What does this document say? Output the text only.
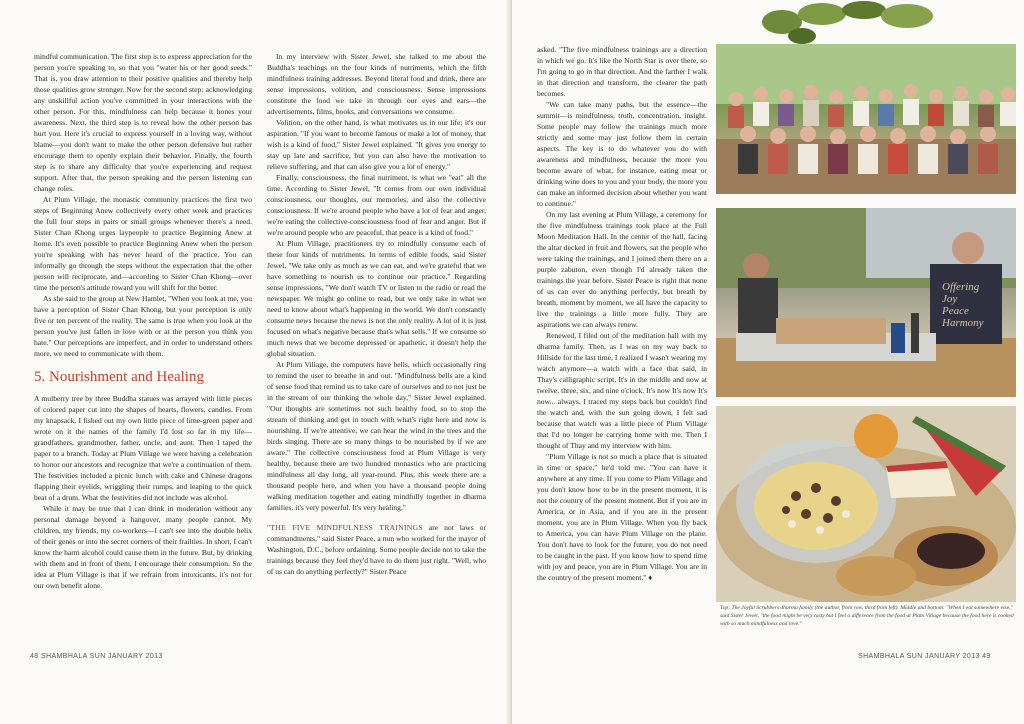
mindful communication. The first step is to express appreciation for the person you're speaking to, so that you "water his or her good seeds." That is, you draw attention to their positive qualities and thereby help those qualities grow stronger. Now for the second step: acknowledging any unskillful action you've committed in your interactions with the other person. For this, mindfulness can help because it hones your awareness. Next, the third step is to reveal how the other person has hurt you. Here it's crucial to express yourself in a loving way, without blame—you don't want to make the other person defensive but rather encourage them to openly explain their behavior. Finally, the fourth step is to share any difficulty that you're experiencing and request support. After that, the person speaking and the person listening can change roles.

At Plum Village, the monastic community practices the first two steps of Beginning Anew collectively every other week and practices the full four steps in pairs or small groups whenever there's a need. Sister Chan Khong urges laypeople to practice Beginning Anew at home. It's even possible to practice Beginning Anew when the person you're speaking with has never heard of the practice. You can informally go through the steps without the expectation that the other person will reciprocate, and—according to Sister Chan Khong—over time the person's attitude toward you will shift for the better.

As she said to the group at New Hamlet, "When you look at me, you have a perception of Sister Chan Khong, but your perception is only five or ten percent of the reality. The same is true when you look at the person you've just fallen in love with or at the person you think you hate." Our perceptions are imperfect, and in order to understand others more, we need to communicate with them.

5. Nourishment and Healing

A mulberry tree by three Buddha statues was arrayed with little pieces of colored paper cut into the shapes of hearts, flowers, candles. From my knapsack, I fished out my own little piece of lime-green paper and wrote on it the names of the family I'd lost so far in my life—grandfathers, grandmother, father, uncle, and aunt. Then I taped the paper to a branch. Today at Plum Village we were having a celebration to honor our ancestors and recognize that we're a continuation of them. The festivities included a picnic lunch with cake and Chinese dragons flapping their eyelids, wriggling their rumps, and leaping to the quick beat of a drum. What the festivities did not include was alcohol.

While it may be true that I can drink in moderation without any personal damage beyond a hangover, many people cannot. My children, my friends, my co-workers—I can't see into the double helix of their genes or into the secret corners of their frailties. In short, I can't know the harm alcohol could cause them in the future. But, by drinking with them and in front of them, I encourage their consumption. So the idea at Plum Village is that if we refrain from intoxicants, it's not for our own benefit alone.

In my interview with Sister Jewel, she talked to me about the Buddha's teachings on the four kinds of nutriments, which the fifth mindfulness training addresses. Beyond literal food and drink, there are sense impressions, volition, and consciousness. Sense impressions constitute the food we take in through our eyes and ears—the advertisements, films, books, and conversations we consume.

Volition, on the other hand, is what motivates us in our life; it's our aspiration. "If you want to become famous or make a lot of money, that wish is a kind of food," Sister Jewel explained. "It gives you energy to stay up late and sacrifice, but you can also have the motivation to relieve suffering, and that can also give you a lot of energy."

Finally, consciousness, the final nutriment, is what we "eat" all the time. According to Sister Jewel, "It comes from our own individual consciousness, our thoughts, our memories, and also the collective consciousness. If we're around people who have a lot of fear and anger, we're eating the collective-consciousness food of fear and anger. But if we're around people who are peaceful, that peace is a kind of food."

At Plum Village, practitioners try to mindfully consume each of these four kinds of nutriments. In terms of edible foods, said Sister Jewel, "We take only as much as we can eat, and we're grateful that we have something to nourish us to continue our practice." Regarding sense impressions, "We don't watch TV or listen to the radio or read the newspaper. We might go online to read, but we only take in what we need to know about what's happening in the world. We don't constantly consume news because the news is not the only reality. A lot of it is just focused on what's negative because that's what sells." If we consume so much news that we become depressed or apathetic, it doesn't help the global situation.

At Plum Village, the computers have bells, which occasionally ring to remind the user to breathe in and out. "Mindfulness bells are a kind of sense food that remind us to take care of ourselves and to not just be in the stream of our thinking the whole day," Sister Jewel explained. "Our thoughts are sometimes not such healthy food, so to stop the stream of thinking and get in touch with what's right here and now is nourishing. If we're attentive, we can hear the wind in the trees and the birds singing. There are so many things to be nourished by if we are aware." The collective consciousness food at Plum Village is very healthy, because there are two hundred monastics who are practicing mindfulness all day long, all year-round. Plus, this week there are a thousand people here, and when you have a thousand people doing walking meditation together and eating mindfully together in dharma families, it's very powerful. It's very healing."

"THE FIVE MINDFULNESS TRAININGS are not laws or commandments," said Sister Peace, a nun who worked for the mayor of Washington, D.C., before ordaining. Some people decide not to take the trainings because they feel they'd have to do them just right. "Well, who of us can do anything perfectly?" Sister Peace

48 SHAMBHALA SUN JANUARY 2013	SHAMBHALA SUN JANUARY 2013 49

asked. "The five mindfulness trainings are a direction in which we go. It's like the North Star is over there, so I'm going to go in that direction. And the farther I walk in that direction and transform, the clearer the path becomes.

"We can take many paths, but the essence—the summit—is mindfulness, truth, concentration, insight. Some people may follow the trainings much more strictly and some may just follow them in certain aspects. The key is to do whatever you do with awareness and mindfulness, because the more you become aware of what, for instance, eating meat or drinking wine does to you and your body, the more you can make an informed decision about whether you want to continue."

On my last evening at Plum Village, a ceremony for the five mindfulness trainings took place at the Full Moon Meditation Hall. In the center of the hall, facing the altar decked in fruit and flowers, sat the people who were taking the trainings, and I joined them there on a purple zabuton, even though I'd already taken the trainings the year before. Sister Peace is right that none of us can ever do anything perfectly, but breath by breath, moment by moment, we all have the capacity to live the trainings a little more fully. They are aspirations we can always renew.

Renewed, I filed out of the meditation hall with my dharma family. Then, as I was on my way back to Hillside for the last time, I realized I wasn't wearing my watch anymore—a watch with a face that said, in Thay's calligraphic script, It's in the middle and now at twelve, three, six, and nine o'clock. It's now It's now It's now... always. I traced my steps back but couldn't find the watch and, with the sun going down, I felt sad because that watch was a little piece of Plum Village that I'd no longer be carrying home with me. Then I thought of Thay and my interview with him.

"Plum Village is not so much a place that is situated in time or space," he'd told me. "You can have it anywhere at any time. If you come to Plum Village and you don't know how to be in the present moment, it is not the country of the present moment. But if you are in America, or in Asia, and if you are in the present moment, you are in Plum Village. When you fly back to America, you can have Plum Village on the plane. You don't have to look for the future; you do not need to be caught in the past. If you know how to spend time with joy and peace, you are in Plum Village. You are in the country of the present moment." ♦

Offering Joy Peace Harmony
Top: The Joyful Scrubbers dharma family (the author, front row, third from left). Middle and bottom: "When I eat somewhere else," said Sister Jewel, "the food might be very tasty but I feel a difference from the food at Plum Village because the food here is cooked with so much mindfulness and love."
